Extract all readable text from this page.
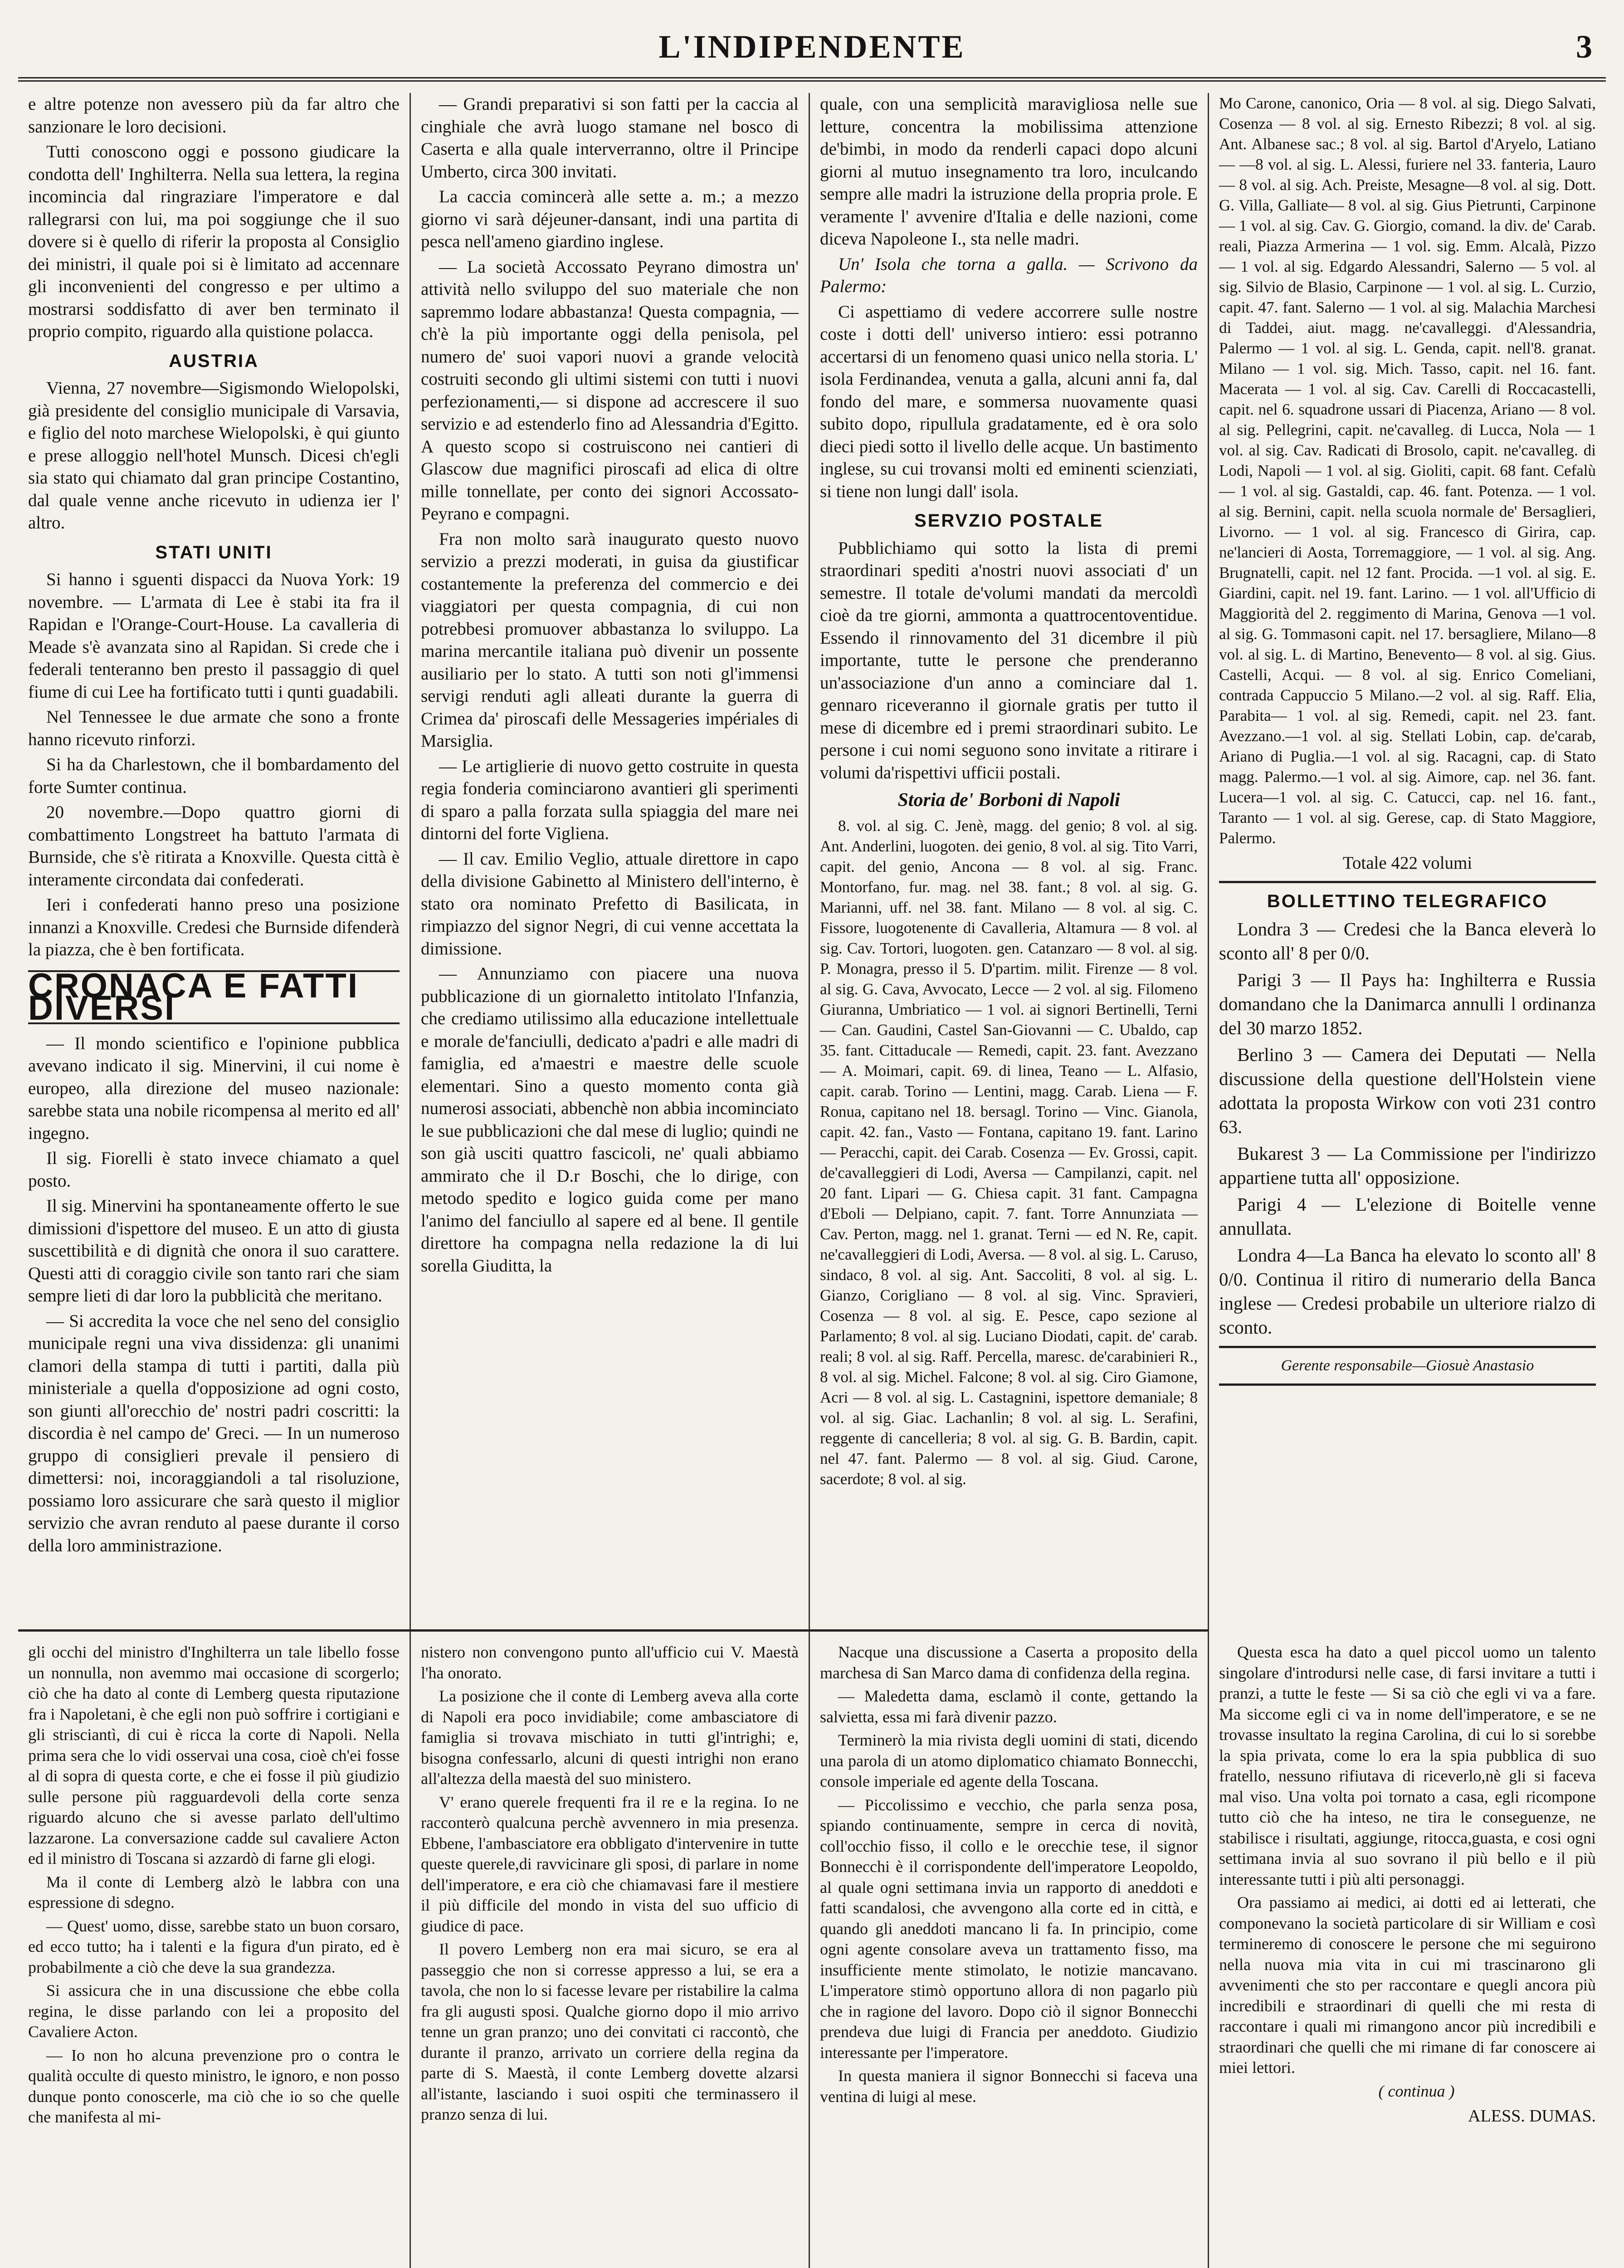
L'INDIPENDENTE	3

e altre potenze non avessero più da far altro che sanzionare le loro decisioni.

Tutti conoscono oggi e possono giudicare la condotta dell' Inghilterra. Nella sua lettera, la regina incomincia dal ringraziare l'imperatore e dal rallegrarsi con lui, ma poi soggiunge che il suo dovere si è quello di riferir la proposta al Consiglio dei ministri, il quale poi si è limitato ad accennare gli inconvenienti del congresso e per ultimo a mostrarsi soddisfatto di aver ben terminato il proprio compito, riguardo alla quistione polacca.

AUSTRIA

Vienna, 27 novembre—Sigismondo Wielopolski, già presidente del consiglio municipale di Varsavia, e figlio del noto marchese Wielopolski, è qui giunto e prese alloggio nell'hotel Munsch. Dicesi ch'egli sia stato qui chiamato dal gran principe Costantino, dal quale venne anche ricevuto in udienza ier l' altro.

STATI UNITI

Si hanno i sguenti dispacci da Nuova York: 19 novembre. — L'armata di Lee è stabi ita fra il Rapidan e l'Orange-Court-House. La cavalleria di Meade s'è avanzata sino al Rapidan. Si crede che i federali tenteranno ben presto il passaggio di quel fiume di cui Lee ha fortificato tutti i qunti guadabili.

Nel Tennessee le due armate che sono a fronte hanno ricevuto rinforzi.

Si ha da Charlestown, che il bombardamento del forte Sumter continua.

20 novembre.—Dopo quattro giorni di combattimento Longstreet ha battuto l'armata di Burnside, che s'è ritirata a Knoxville. Questa città è interamente circondata dai confederati.

Ieri i confederati hanno preso una posizione innanzi a Knoxville. Credesi che Burnside difenderà la piazza, che è ben fortificata.

CRONACA E FATTI DIVERSI

— Il mondo scientifico e l'opinione pubblica avevano indicato il sig. Minervini, il cui nome è europeo, alla direzione del museo nazionale: sarebbe stata una nobile ricompensa al merito ed all' ingegno.

Il sig. Fiorelli è stato invece chiamato a quel posto.

Il sig. Minervini ha spontaneamente offerto le sue dimissioni d'ispettore del museo. E un atto di giusta suscettibilità e di dignità che onora il suo carattere. Questi atti di coraggio civile son tanto rari che siam sempre lieti di dar loro la pubblicità che meritano.

— Si accredita la voce che nel seno del consiglio municipale regni una viva dissidenza: gli unanimi clamori della stampa di tutti i partiti, dalla più ministeriale a quella d'opposizione ad ogni costo, son giunti all'orecchio de' nostri padri coscritti: la discordia è nel campo de' Greci. — In un numeroso gruppo di consiglieri prevale il pensiero di dimettersi: noi, incoraggiandoli a tal risoluzione, possiamo loro assicurare che sarà questo il miglior servizio che avran renduto al paese durante il corso della loro amministrazione.

— Grandi preparativi si son fatti per la caccia al cinghiale che avrà luogo stamane nel bosco di Caserta e alla quale interverranno, oltre il Principe Umberto, circa 300 invitati.

La caccia comincerà alle sette a. m.; a mezzo giorno vi sarà déjeuner-dansant, indi una partita di pesca nell'ameno giardino inglese.

— La società Accossato Peyrano dimostra un' attività nello sviluppo del suo materiale che non sapremmo lodare abbastanza! Questa compagnia, — ch'è la più importante oggi della penisola, pel numero de' suoi vapori nuovi a grande velocità costruiti secondo gli ultimi sistemi con tutti i nuovi perfezionamenti,— si dispone ad accrescere il suo servizio e ad estenderlo fino ad Alessandria d'Egitto. A questo scopo si costruiscono nei cantieri di Glascow due magnifici piroscafi ad elica di oltre mille tonnellate, per conto dei signori Accossato-Peyrano e compagni.

Fra non molto sarà inaugurato questo nuovo servizio a prezzi moderati, in guisa da giustificar costantemente la preferenza del commercio e dei viaggiatori per questa compagnia, di cui non potrebbesi promuover abbastanza lo sviluppo. La marina mercantile italiana può divenir un possente ausiliario per lo stato. A tutti son noti gl'immensi servigi renduti agli alleati durante la guerra di Crimea da' piroscafi delle Messageries impériales di Marsiglia.

— Le artiglierie di nuovo getto costruite in questa regia fonderia cominciarono avantieri gli sperimenti di sparo a palla forzata sulla spiaggia del mare nei dintorni del forte Vigliena.

— Il cav. Emilio Veglio, attuale direttore in capo della divisione Gabinetto al Ministero dell'interno, è stato ora nominato Prefetto di Basilicata, in rimpiazzo del signor Negri, di cui venne accettata la dimissione.

— Annunziamo con piacere una nuova pubblicazione di un giornaletto intitolato l'Infanzia, che crediamo utilissimo alla educazione intellettuale e morale de'fanciulli, dedicato a'padri e alle madri di famiglia, ed a'maestri e maestre delle scuole elementari. Sino a questo momento conta già numerosi associati, abbenchè non abbia incominciato le sue pubblicazioni che dal mese di luglio; quindi ne son già usciti quattro fascicoli, ne' quali abbiamo ammirato che il D.r Boschi, che lo dirige, con metodo spedito e logico guida come per mano l'animo del fanciullo al sapere ed al bene. Il gentile direttore ha compagna nella redazione la di lui sorella Giuditta, la

quale, con una semplicità maravigliosa nelle sue letture, concentra la mobilissima attenzione de'bimbi, in modo da renderli capaci dopo alcuni giorni al mutuo insegnamento tra loro, inculcando sempre alle madri la istruzione della propria prole. E veramente l' avvenire d'Italia e delle nazioni, come diceva Napoleone I., sta nelle madri.

Un' Isola che torna a galla. — Scrivono da Palermo:

Ci aspettiamo di vedere accorrere sulle nostre coste i dotti dell' universo intiero: essi potranno accertarsi di un fenomeno quasi unico nella storia. L' isola Ferdinandea, venuta a galla, alcuni anni fa, dal fondo del mare, e sommersa nuovamente quasi subito dopo, ripullula gradatamente, ed è ora solo dieci piedi sotto il livello delle acque. Un bastimento inglese, su cui trovansi molti ed eminenti scienziati, si tiene non lungi dall' isola.

SERVZIO POSTALE

Pubblichiamo qui sotto la lista di premi straordinari spediti a'nostri nuovi associati d' un semestre. Il totale de'volumi mandati da mercoldì cioè da tre giorni, ammonta a quattrocentoventidue. Essendo il rinnovamento del 31 dicembre il più importante, tutte le persone che prenderanno un'associazione d'un anno a cominciare dal 1. gennaro riceveranno il giornale gratis per tutto il mese di dicembre ed i premi straordinari subito. Le persone i cui nomi seguono sono invitate a ritirare i volumi da'rispettivi ufficii postali.

Storia de' Borboni di Napoli

8. vol. al sig. C. Jenè, magg. del genio; 8 vol. al sig. Ant. Anderlini, luogoten. dei genio, 8 vol. al sig. Tito Varri, capit. del genio, Ancona — 8 vol. al sig. Franc. Montorfano, fur. mag. nel 38. fant.; 8 vol. al sig. G. Marianni, uff. nel 38. fant. Milano — 8 vol. al sig. C. Fissore, luogotenente di Cavalleria, Altamura — 8 vol. al sig. Cav. Tortori, luogoten. gen. Catanzaro — 8 vol. al sig. P. Monagra, presso il 5. D'partim. milit. Firenze — 8 vol. al sig. G. Cava, Avvocato, Lecce — 2 vol. al sig. Filomeno Giuranna, Umbriatico — 1 vol. ai signori Bertinelli, Terni — Can. Gaudini, Castel San-Giovanni — C. Ubaldo, cap 35. fant. Cittaducale — Remedi, capit. 23. fant. Avezzano — A. Moimari, capit. 69. di linea, Teano — L. Alfasio, capit. carab. Torino — Lentini, magg. Carab. Liena — F. Ronua, capitano nel 18. bersagl. Torino — Vinc. Gianola, capit. 42. fan., Vasto — Fontana, capitano 19. fant. Larino — Peracchi, capit. dei Carab. Cosenza — Ev. Grossi, capit. de'cavalleggieri di Lodi, Aversa — Campilanzi, capit. nel 20 fant. Lipari — G. Chiesa capit. 31 fant. Campagna d'Eboli — Delpiano, capit. 7. fant. Torre Annunziata — Cav. Perton, magg. nel 1. granat. Terni — ed N. Re, capit. ne'cavalleggieri di Lodi, Aversa. — 8 vol. al sig. L. Caruso, sindaco, 8 vol. al sig. Ant. Saccoliti, 8 vol. al sig. L. Gianzo, Corigliano — 8 vol. al sig. Vinc. Spravieri, Cosenza — 8 vol. al sig. E. Pesce, capo sezione al Parlamento; 8 vol. al sig. Luciano Diodati, capit. de' carab. reali; 8 vol. al sig. Raff. Percella, maresc. de'carabinieri R., 8 vol. al sig. Michel. Falcone; 8 vol. al sig. Ciro Giamone, Acri — 8 vol. al sig. L. Castagnini, ispettore demaniale; 8 vol. al sig. Giac. Lachanlin; 8 vol. al sig. L. Serafini, reggente di cancelleria; 8 vol. al sig. G. B. Bardin, capit. nel 47. fant. Palermo — 8 vol. al sig. Giud. Carone, sacerdote; 8 vol. al sig.

Mo Carone, canonico, Oria — 8 vol. al sig. Diego Salvati, Cosenza — 8 vol. al sig. Ernesto Ribezzi; 8 vol. al sig. Ant. Albanese sac.; 8 vol. al sig. Bartol d'Aryelo, Latiano — —8 vol. al sig. L. Alessi, furiere nel 33. fanteria, Lauro— 8 vol. al sig. Ach. Preiste, Mesagne—8 vol. al sig. Dott. G. Villa, Galliate— 8 vol. al sig. Gius Pietrunti, Carpinone — 1 vol. al sig. Cav. G. Giorgio, comand. la div. de' Carab. reali, Piazza Armerina — 1 vol. sig. Emm. Alcalà, Pizzo — 1 vol. al sig. Edgardo Alessandri, Salerno — 5 vol. al sig. Silvio de Blasio, Carpinone — 1 vol. al sig. L. Curzio, capit. 47. fant. Salerno — 1 vol. al sig. Malachia Marchesi di Taddei, aiut. magg. ne'cavalleggi. d'Alessandria, Palermo — 1 vol. al sig. L. Genda, capit. nell'8. granat. Milano — 1 vol. sig. Mich. Tasso, capit. nel 16. fant. Macerata — 1 vol. al sig. Cav. Carelli di Roccacastelli, capit. nel 6. squadrone ussari di Piacenza, Ariano — 8 vol. al sig. Pellegrini, capit. ne'cavalleg. di Lucca, Nola — 1 vol. al sig. Cav. Radicati di Brosolo, capit. ne'cavalleg. di Lodi, Napoli — 1 vol. al sig. Gioliti, capit. 68 fant. Cefalù — 1 vol. al sig. Gastaldi, cap. 46. fant. Potenza. — 1 vol. al sig. Bernini, capit. nella scuola normale de' Bersaglieri, Livorno. — 1 vol. al sig. Francesco di Girira, cap. ne'lancieri di Aosta, Torremaggiore, — 1 vol. al sig. Ang. Brugnatelli, capit. nel 12 fant. Procida. —1 vol. al sig. E. Giardini, capit. nel 19. fant. Larino. — 1 vol. all'Ufficio di Maggiorità del 2. reggimento di Marina, Genova —1 vol. al sig. G. Tommasoni capit. nel 17. bersagliere, Milano—8 vol. al sig. L. di Martino, Benevento— 8 vol. al sig. Gius. Castelli, Acqui. — 8 vol. al sig. Enrico Comeliani, contrada Cappuccio 5 Milano.—2 vol. al sig. Raff. Elia, Parabita— 1 vol. al sig. Remedi, capit. nel 23. fant. Avezzano.—1 vol. al sig. Stellati Lobin, cap. de'carab, Ariano di Puglia.—1 vol. al sig. Racagni, cap. di Stato magg. Palermo.—1 vol. al sig. Aimore, cap. nel 36. fant. Lucera—1 vol. al sig. C. Catucci, cap. nel 16. fant., Taranto — 1 vol. al sig. Gerese, cap. di Stato Maggiore, Palermo.

Totale 422 volumi
BOLLETTINO TELEGRAFICO

Londra 3 — Credesi che la Banca eleverà lo sconto all' 8 per 0/0.

Parigi 3 — Il Pays ha: Inghilterra e Russia domandano che la Danimarca annulli l ordinanza del 30 marzo 1852.

Berlino 3 — Camera dei Deputati — Nella discussione della questione dell'Holstein viene adottata la proposta Wirkow con voti 231 contro 63.

Bukarest 3 — La Commissione per l'indirizzo appartiene tutta all' opposizione.

Parigi 4 — L'elezione di Boitelle venne annullata.

Londra 4—La Banca ha elevato lo sconto all' 8 0/0. Continua il ritiro di numerario della Banca inglese — Credesi probabile un ulteriore rialzo di sconto.

Gerente responsabile—Giosuè Anastasio

gli occhi del ministro d'Inghilterra un tale libello fosse un nonnulla, non avemmo mai occasione di scorgerlo; ciò che ha dato al conte di Lemberg questa riputazione fra i Napoletani, è che egli non può soffrire i cortigiani e gli strisciantì, di cui è ricca la corte di Napoli. Nella prima sera che lo vidi osservai una cosa, cioè ch'ei fosse al di sopra di questa corte, e che ei fosse il più giudizio sulle persone più ragguardevoli della corte senza riguardo alcuno che si avesse parlato dell'ultimo lazzarone. La conversazione cadde sul cavaliere Acton ed il ministro di Toscana si azzardò di farne gli elogi.

Ma il conte di Lemberg alzò le labbra con una espressione di sdegno.

— Quest' uomo, disse, sarebbe stato un buon corsaro, ed ecco tutto; ha i talenti e la figura d'un pirato, ed è probabilmente a ciò che deve la sua grandezza.

Si assicura che in una discussione che ebbe colla regina, le disse parlando con lei a proposito del Cavaliere Acton.

— Io non ho alcuna prevenzione pro o contra le qualità occulte di questo ministro, le ignoro, e non posso dunque ponto conoscerle, ma ciò che io so che quelle che manifesta al mi-

nistero non convengono punto all'ufficio cui V. Maestà l'ha onorato.

La posizione che il conte di Lemberg aveva alla corte di Napoli era poco invidiabile; come ambasciatore di famiglia si trovava mischiato in tutti gl'intrighi; e, bisogna confessarlo, alcuni di questi intrighi non erano all'altezza della maestà del suo ministero.

V' erano querele frequenti fra il re e la regina. Io ne racconterò qualcuna perchè avvennero in mia presenza. Ebbene, l'ambasciatore era obbligato d'intervenire in tutte queste querele,di ravvicinare gli sposi, di parlare in nome dell'imperatore, e era ciò che chiamavasi fare il mestiere il più difficile del mondo in vista del suo ufficio di giudice di pace.

Il povero Lemberg non era mai sicuro, se era al passeggio che non si corresse appresso a lui, se era a tavola, che non lo si facesse levare per ristabilire la calma fra gli augusti sposi. Qualche giorno dopo il mio arrivo tenne un gran pranzo; uno dei convitati ci raccontò, che durante il pranzo, arrivato un corriere della regina da parte di S. Maestà, il conte Lemberg dovette alzarsi all'istante, lasciando i suoi ospiti che terminassero il pranzo senza di lui.

Nacque una discussione a Caserta a proposito della marchesa di San Marco dama di confidenza della regina.

— Maledetta dama, esclamò il conte, gettando la salvietta, essa mi farà divenir pazzo.

Terminerò la mia rivista degli uomini di stati, dicendo una parola di un atomo diplomatico chiamato Bonnecchi, console imperiale ed agente della Toscana.

— Piccolissimo e vecchio, che parla senza posa, spiando continuamente, sempre in cerca di novità, coll'occhio fisso, il collo e le orecchie tese, il signor Bonnecchi è il corrispondente dell'imperatore Leopoldo, al quale ogni settimana invia un rapporto di aneddoti e fatti scandalosi, che avvengono alla corte ed in città, e quando gli aneddoti mancano li fa. In principio, come ogni agente consolare aveva un trattamento fisso, ma insufficiente mente stimolato, le notizie mancavano. L'imperatore stimò opportuno allora di non pagarlo più che in ragione del lavoro. Dopo ciò il signor Bonnecchi prendeva due luigi di Francia per aneddoto. Giudizio interessante per l'imperatore.

In questa maniera il signor Bonnecchi si faceva una ventina di luigi al mese.

Questa esca ha dato a quel piccol uomo un talento singolare d'introdursi nelle case, di farsi invitare a tutti i pranzi, a tutte le feste — Si sa ciò che egli vi va a fare. Ma siccome egli ci va in nome dell'imperatore, e se ne trovasse insultato la regina Carolina, di cui lo si sorebbe la spia privata, come lo era la spia pubblica di suo fratello, nessuno rifiutava di riceverlo,nè gli si faceva mal viso. Una volta poi tornato a casa, egli ricompone tutto ciò che ha inteso, ne tira le conseguenze, ne stabilisce i risultati, aggiunge, ritocca,guasta, e cosi ogni settimana invia al suo sovrano il più bello e il più interessante tutti i più alti personaggi.

Ora passiamo ai medici, ai dotti ed ai letterati, che componevano la società particolare di sir William e così termineremo di conoscere le persone che mi seguirono nella nuova mia vita in cui mi trascinarono gli avvenimenti che sto per raccontare e quegli ancora più incredibili e straordinari di quelli che mi resta di raccontare i quali mi rimangono ancor più incredibili e straordinari che quelli che mi rimane di far conoscere ai miei lettori.

( continua )

ALESS. DUMAS.
